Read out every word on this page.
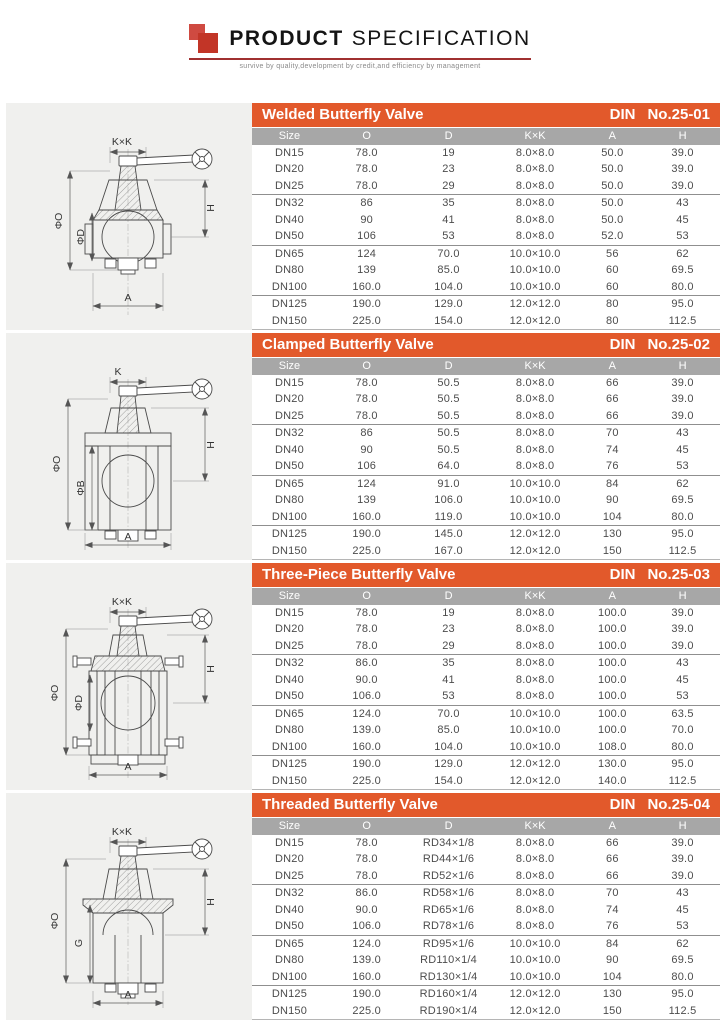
PRODUCT SPECIFICATION
survive by quality,development by credit,and efficiency by management
K×K
H
ΦO
ΦD
A
Welded Butterfly Valve	DIN No.25-01
Size	O	D	K×K	A	H
DN15	78.0	19	8.0×8.0	50.0	39.0
DN20	78.0	23	8.0×8.0	50.0	39.0
DN25	78.0	29	8.0×8.0	50.0	39.0
DN32	86	35	8.0×8.0	50.0	43
DN40	90	41	8.0×8.0	50.0	45
DN50	106	53	8.0×8.0	52.0	53
DN65	124	70.0	10.0×10.0	56	62
DN80	139	85.0	10.0×10.0	60	69.5
DN100	160.0	104.0	10.0×10.0	60	80.0
DN125	190.0	129.0	12.0×12.0	80	95.0
DN150	225.0	154.0	12.0×12.0	80	112.5
K
H
ΦO
ΦB
A
Clamped Butterfly Valve	DIN No.25-02
Size	O	D	K×K	A	H
DN15	78.0	50.5	8.0×8.0	66	39.0
DN20	78.0	50.5	8.0×8.0	66	39.0
DN25	78.0	50.5	8.0×8.0	66	39.0
DN32	86	50.5	8.0×8.0	70	43
DN40	90	50.5	8.0×8.0	74	45
DN50	106	64.0	8.0×8.0	76	53
DN65	124	91.0	10.0×10.0	84	62
DN80	139	106.0	10.0×10.0	90	69.5
DN100	160.0	119.0	10.0×10.0	104	80.0
DN125	190.0	145.0	12.0×12.0	130	95.0
DN150	225.0	167.0	12.0×12.0	150	112.5
K×K
H
ΦO
ΦD
A
Three-Piece Butterfly Valve	DIN No.25-03
Size	O	D	K×K	A	H
DN15	78.0	19	8.0×8.0	100.0	39.0
DN20	78.0	23	8.0×8.0	100.0	39.0
DN25	78.0	29	8.0×8.0	100.0	39.0
DN32	86.0	35	8.0×8.0	100.0	43
DN40	90.0	41	8.0×8.0	100.0	45
DN50	106.0	53	8.0×8.0	100.0	53
DN65	124.0	70.0	10.0×10.0	100.0	63.5
DN80	139.0	85.0	10.0×10.0	100.0	70.0
DN100	160.0	104.0	10.0×10.0	108.0	80.0
DN125	190.0	129.0	12.0×12.0	130.0	95.0
DN150	225.0	154.0	12.0×12.0	140.0	112.5
K×K
H
ΦO
G
A
Threaded Butterfly Valve	DIN No.25-04
Size	O	D	K×K	A	H
DN15	78.0	RD34×1/8	8.0×8.0	66	39.0
DN20	78.0	RD44×1/6	8.0×8.0	66	39.0
DN25	78.0	RD52×1/6	8.0×8.0	66	39.0
DN32	86.0	RD58×1/6	8.0×8.0	70	43
DN40	90.0	RD65×1/6	8.0×8.0	74	45
DN50	106.0	RD78×1/6	8.0×8.0	76	53
DN65	124.0	RD95×1/6	10.0×10.0	84	62
DN80	139.0	RD110×1/4	10.0×10.0	90	69.5
DN100	160.0	RD130×1/4	10.0×10.0	104	80.0
DN125	190.0	RD160×1/4	12.0×12.0	130	95.0
DN150	225.0	RD190×1/4	12.0×12.0	150	112.5
